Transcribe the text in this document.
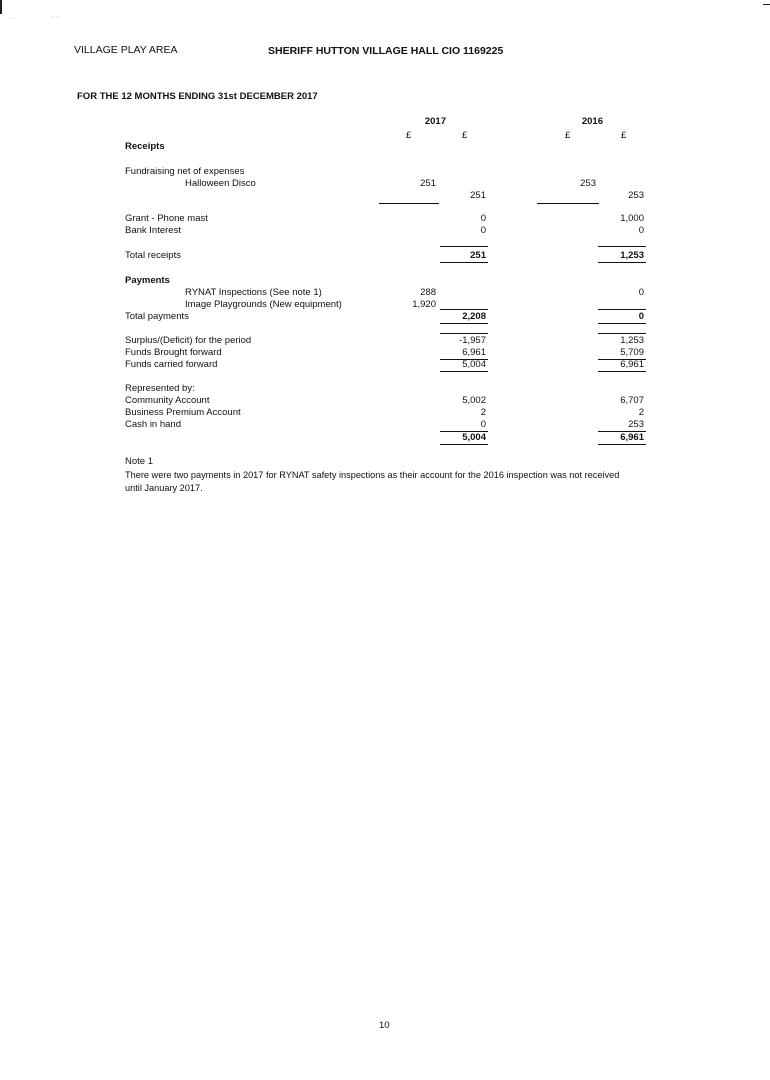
. .	- -
VILLAGE PLAY AREA	SHERIFF HUTTON VILLAGE HALL CIO 1169225
FOR THE 12 MONTHS ENDING 31st DECEMBER 2017
2017	2016
£	£	£	£
Receipts
Fundraising net of expenses
Halloween Disco	251	253
251	253
Grant - Phone mast	0	1,000
Bank Interest	0	0
Total receipts	251	1,253
Payments
RYNAT Inspections (See note 1)	288	0
Image Playgrounds (New equipment)	1,920
Total payments	2,208	0
Surplus/(Deficit) for the period	-1,957	1,253
Funds Brought forward	6,961	5,709
Funds carried forward	5,004	6,961
Represented by:
Community Account	5,002	6,707
Business Premium Account	2	2
Cash in hand	0	253
5,004	6,961
Note 1
There were two payments in 2017 for RYNAT safety inspections as their account for the 2016 inspection was not received
until January 2017.
10
